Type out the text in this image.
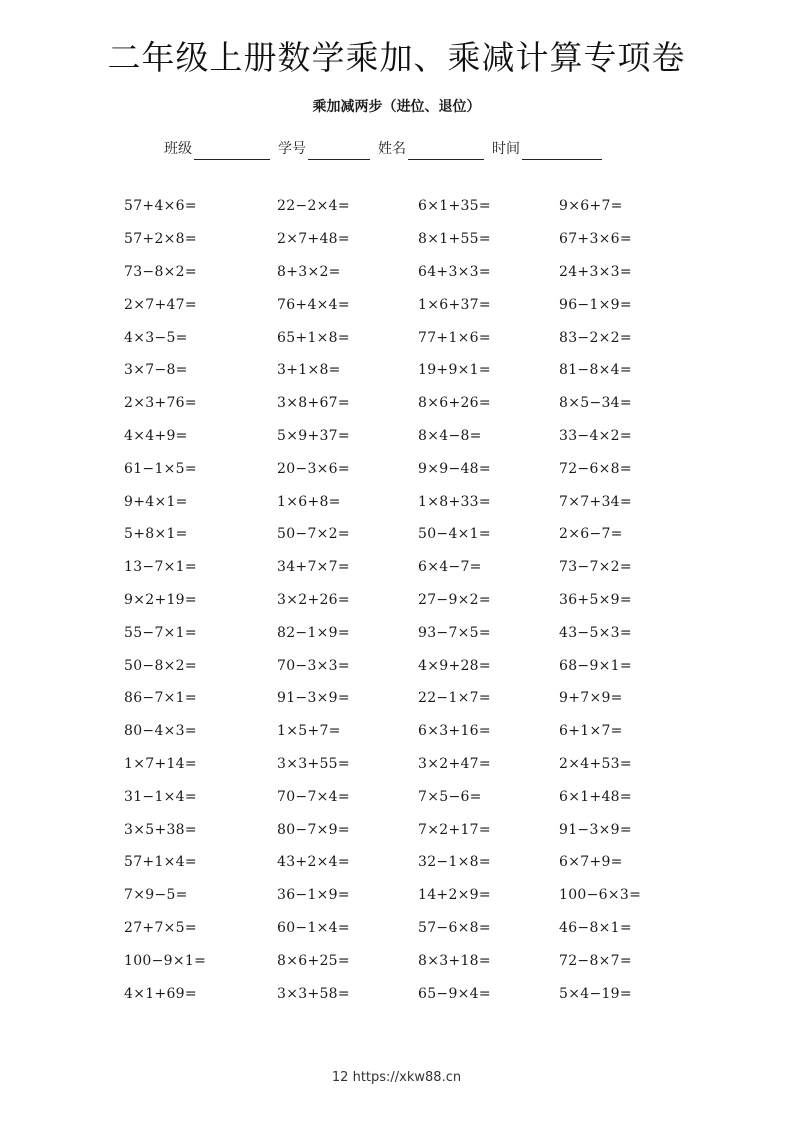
二年级上册数学乘加、乘减计算专项卷
乘加减两步（进位、退位）
班级	学号	姓名	时间
57+4×6=	22−2×4=	6×1+35=	9×6+7=
57+2×8=	2×7+48=	8×1+55=	67+3×6=
73−8×2=	8+3×2=	64+3×3=	24+3×3=
2×7+47=	76+4×4=	1×6+37=	96−1×9=
4×3−5=	65+1×8=	77+1×6=	83−2×2=
3×7−8=	3+1×8=	19+9×1=	81−8×4=
2×3+76=	3×8+67=	8×6+26=	8×5−34=
4×4+9=	5×9+37=	8×4−8=	33−4×2=
61−1×5=	20−3×6=	9×9−48=	72−6×8=
9+4×1=	1×6+8=	1×8+33=	7×7+34=
5+8×1=	50−7×2=	50−4×1=	2×6−7=
13−7×1=	34+7×7=	6×4−7=	73−7×2=
9×2+19=	3×2+26=	27−9×2=	36+5×9=
55−7×1=	82−1×9=	93−7×5=	43−5×3=
50−8×2=	70−3×3=	4×9+28=	68−9×1=
86−7×1=	91−3×9=	22−1×7=	9+7×9=
80−4×3=	1×5+7=	6×3+16=	6+1×7=
1×7+14=	3×3+55=	3×2+47=	2×4+53=
31−1×4=	70−7×4=	7×5−6=	6×1+48=
3×5+38=	80−7×9=	7×2+17=	91−3×9=
57+1×4=	43+2×4=	32−1×8=	6×7+9=
7×9−5=	36−1×9=	14+2×9=	100−6×3=
27+7×5=	60−1×4=	57−6×8=	46−8×1=
100−9×1=	8×6+25=	8×3+18=	72−8×7=
4×1+69=	3×3+58=	65−9×4=	5×4−19=
12 https://xkw88.cn
